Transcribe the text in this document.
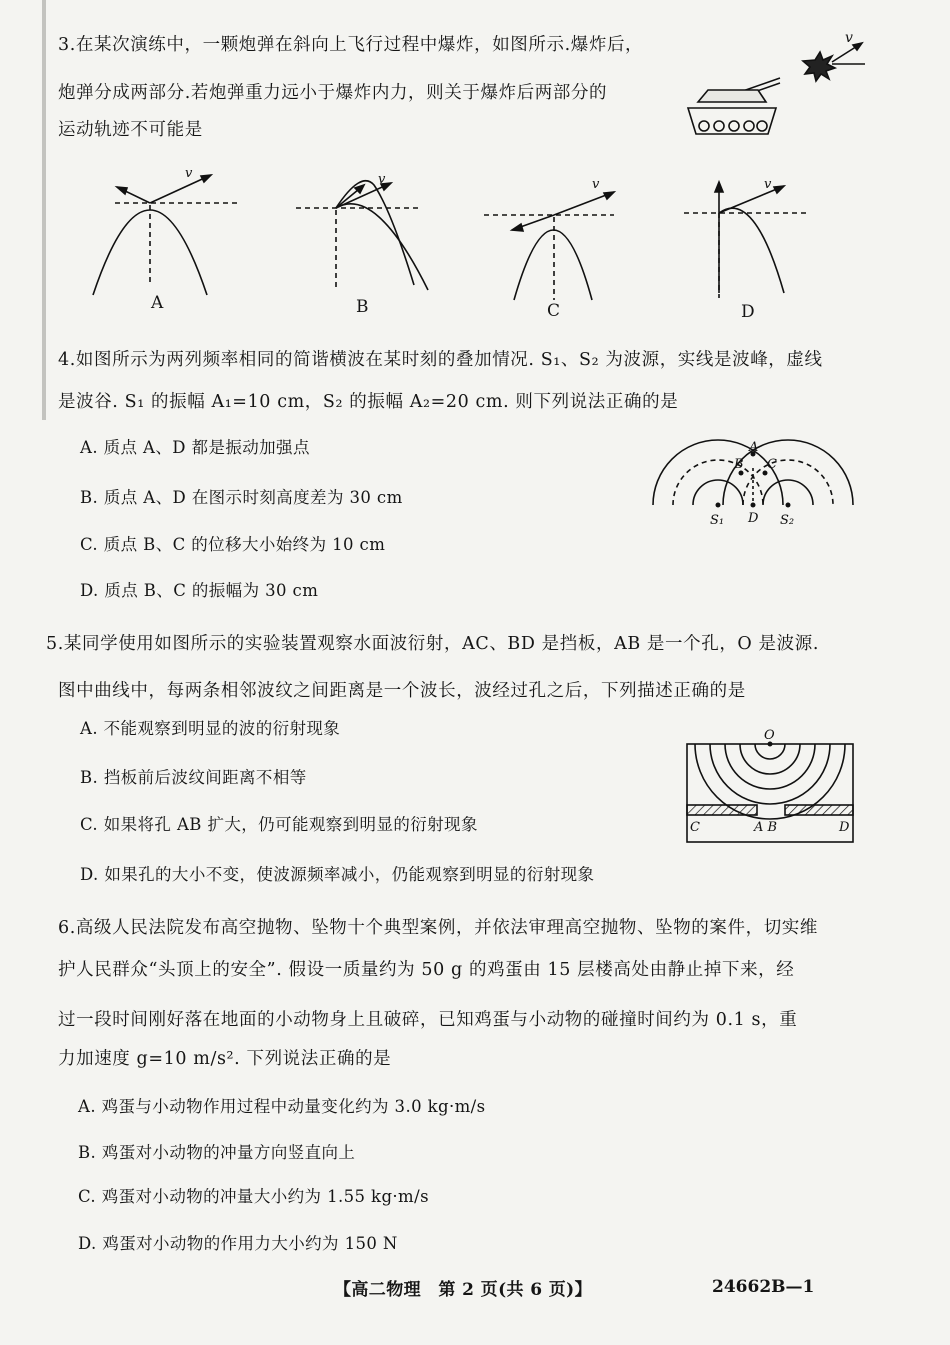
3.在某次演练中，一颗炮弹在斜向上飞行过程中爆炸，如图所示.爆炸后，
炮弹分成两部分.若炮弹重力远小于爆炸内力，则关于爆炸后两部分的
运动轨迹不可能是
v
v
A
v
B
v
C
v
D
4.如图所示为两列频率相同的简谐横波在某时刻的叠加情况. S₁、S₂ 为波源，实线是波峰，虚线
是波谷. S₁ 的振幅 A₁=10 cm，S₂ 的振幅 A₂=20 cm. 则下列说法正确的是
A. 质点 A、D 都是振动加强点
B. 质点 A、D 在图示时刻高度差为 30 cm
C. 质点 B、C 的位移大小始终为 10 cm
D. 质点 B、C 的振幅为 30 cm
A
B C
D
S₁	S₂
5.某同学使用如图所示的实验装置观察水面波衍射，AC、BD 是挡板，AB 是一个孔，O 是波源.
图中曲线中，每两条相邻波纹之间距离是一个波长，波经过孔之后，下列描述正确的是
A. 不能观察到明显的波的衍射现象
B. 挡板前后波纹间距离不相等
C. 如果将孔 AB 扩大，仍可能观察到明显的衍射现象
D. 如果孔的大小不变，使波源频率减小，仍能观察到明显的衍射现象
O
C	A B	D
6.高级人民法院发布高空抛物、坠物十个典型案例，并依法审理高空抛物、坠物的案件，切实维
护人民群众“头顶上的安全”. 假设一质量约为 50 g 的鸡蛋由 15 层楼高处由静止掉下来，经
过一段时间刚好落在地面的小动物身上且破碎，已知鸡蛋与小动物的碰撞时间约为 0.1 s，重
力加速度 g=10 m/s². 下列说法正确的是
A. 鸡蛋与小动物作用过程中动量变化约为 3.0 kg·m/s
B. 鸡蛋对小动物的冲量方向竖直向上
C. 鸡蛋对小动物的冲量大小约为 1.55 kg·m/s
D. 鸡蛋对小动物的作用力大小约为 150 N
【高二物理　第 2 页(共 6 页)】	24662B—1
